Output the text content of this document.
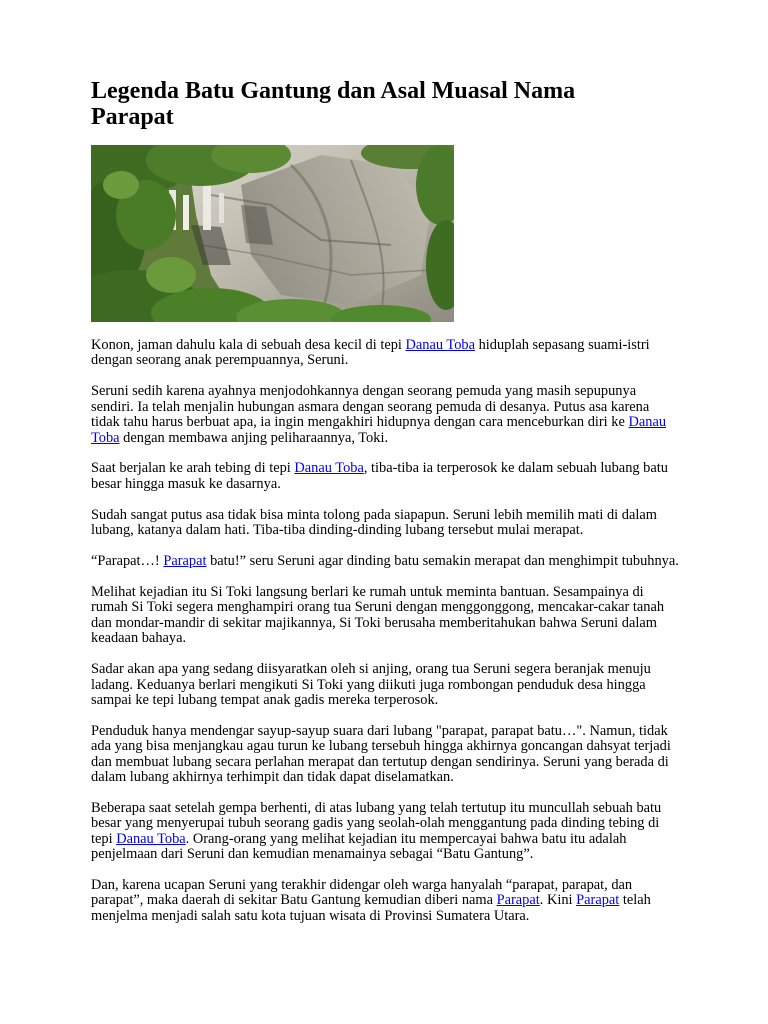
Legenda Batu Gantung dan Asal Muasal Nama Parapat

Konon, jaman dahulu kala di sebuah desa kecil di tepi Danau Toba hiduplah sepasang suami-istri dengan seorang anak perempuannya, Seruni.

Seruni sedih karena ayahnya menjodohkannya dengan seorang pemuda yang masih sepupunya sendiri. Ia telah menjalin hubungan asmara dengan seorang pemuda di desanya. Putus asa karena tidak tahu harus berbuat apa, ia ingin mengakhiri hidupnya dengan cara menceburkan diri ke Danau Toba dengan membawa anjing peliharaannya, Toki.

Saat berjalan ke arah tebing di tepi Danau Toba, tiba-tiba ia terperosok ke dalam sebuah lubang batu besar hingga masuk ke dasarnya.

Sudah sangat putus asa tidak bisa minta tolong pada siapapun. Seruni lebih memilih mati di dalam lubang, katanya dalam hati. Tiba-tiba dinding-dinding lubang tersebut mulai merapat.

“Parapat…! Parapat batu!” seru Seruni agar dinding batu semakin merapat dan menghimpit tubuhnya.

Melihat kejadian itu Si Toki langsung berlari ke rumah untuk meminta bantuan. Sesampainya di rumah Si Toki segera menghampiri orang tua Seruni dengan menggonggong, mencakar-cakar tanah dan mondar-mandir di sekitar majikannya, Si Toki berusaha memberitahukan bahwa Seruni dalam keadaan bahaya.

Sadar akan apa yang sedang diisyaratkan oleh si anjing, orang tua Seruni segera beranjak menuju ladang. Keduanya berlari mengikuti Si Toki yang diikuti juga rombongan penduduk desa hingga sampai ke tepi lubang tempat anak gadis mereka terperosok.

Penduduk hanya mendengar sayup-sayup suara dari lubang "parapat, parapat batu…". Namun, tidak ada yang bisa menjangkau agau turun ke lubang tersebuh hingga akhirnya goncangan dahsyat terjadi dan membuat lubang secara perlahan merapat dan tertutup dengan sendirinya. Seruni yang berada di dalam lubang akhirnya terhimpit dan tidak dapat diselamatkan.

Beberapa saat setelah gempa berhenti, di atas lubang yang telah tertutup itu muncullah sebuah batu besar yang menyerupai tubuh seorang gadis yang seolah-olah menggantung pada dinding tebing di tepi Danau Toba. Orang-orang yang melihat kejadian itu mempercayai bahwa batu itu adalah penjelmaan dari Seruni dan kemudian menamainya sebagai “Batu Gantung”.

Dan, karena ucapan Seruni yang terakhir didengar oleh warga hanyalah “parapat, parapat, dan parapat”, maka daerah di sekitar Batu Gantung kemudian diberi nama Parapat. Kini Parapat telah menjelma menjadi salah satu kota tujuan wisata di Provinsi Sumatera Utara.
